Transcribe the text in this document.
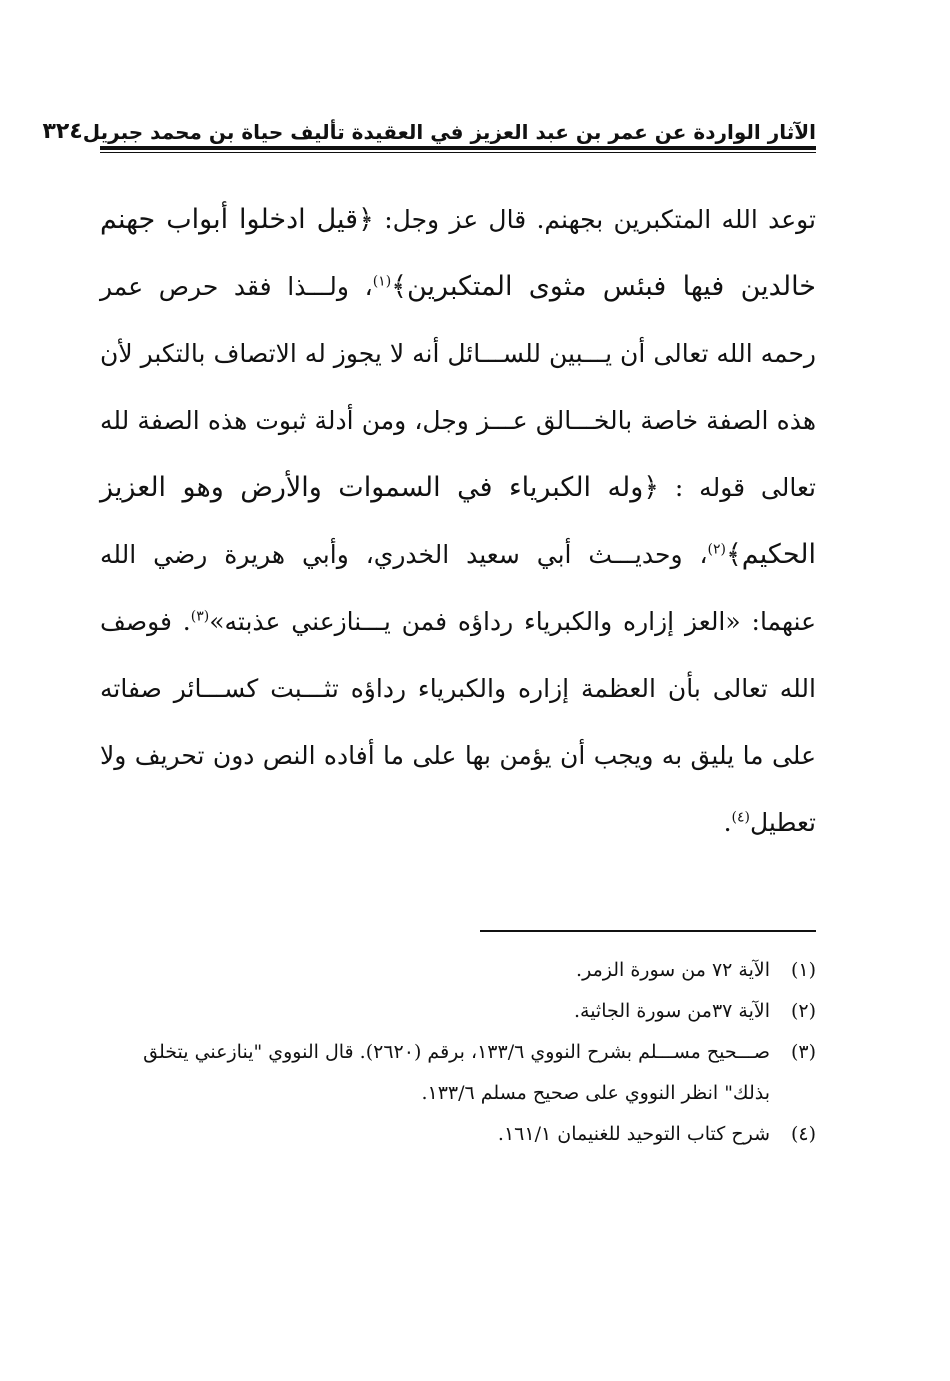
الآثار الواردة عن عمر بن عبد العزيز في العقيدة تأليف حياة بن محمد جبريل
٣٢٤

توعد الله المتكبرين بجهنم. قال عز وجل: ﴿قيل ادخلوا أبواب جهنم خالدين فيها فبئس مثوى المتكبرين﴾$^{(١)}$، ولـــذا فقد حرص عمر رحمه الله تعالى أن يـــبين للســـائل أنه لا يجوز له الاتصاف بالتكبر لأن هذه الصفة خاصة بالخـــالق عـــز وجل، ومن أدلة ثبوت هذه الصفة لله تعالى قوله : ﴿وله الكبرياء في السموات والأرض وهو العزيز الحكيم﴾$^{(٢)}$، وحديـــث أبي سعيد الخدري، وأبي هريرة رضي الله عنهما: «العز إزاره والكبرياء رداؤه فمن يـــنازعني عذبته»$^{(٣)}$. فوصف الله تعالى بأن العظمة إزاره والكبرياء رداؤه تثـــبت كســـائر صفاته على ما يليق به ويجب أن يؤمن بها على ما أفاده النص دون تحريف ولا تعطيل$^{(٤)}$.

(١)
الآية ٧٢ من سورة الزمر.
(٢)
الآية ٣٧من سورة الجاثية.
(٣)
صـــحيح مســـلم بشرح النووي ١٣٣/٦، برقم (٢٦٢٠). قال النووي "ينازعني يتخلق بذلك" انظر النووي على صحيح مسلم ١٣٣/٦.
(٤)
شرح كتاب التوحيد للغنيمان ١٦١/١.
